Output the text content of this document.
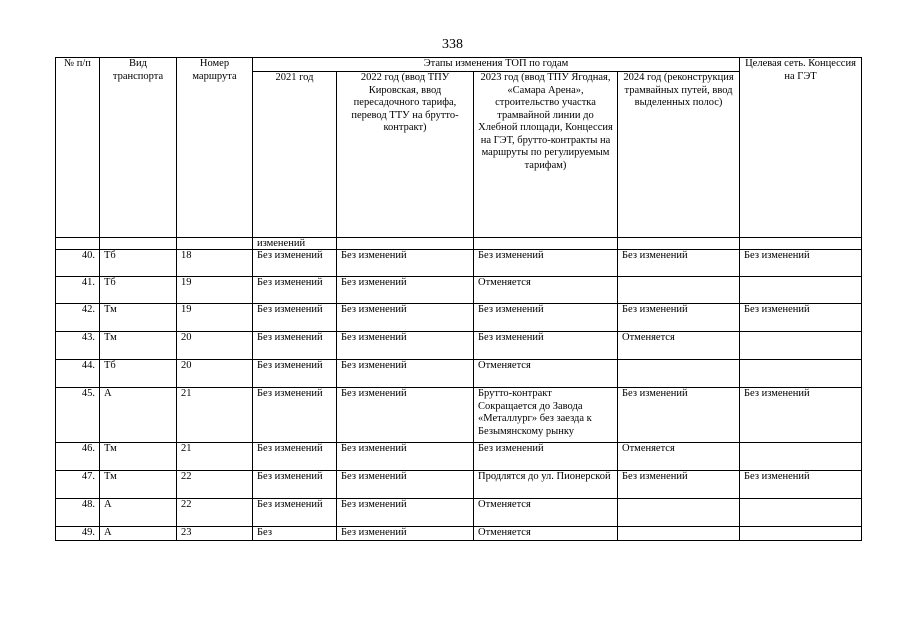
338
№ п/п	Вид транспорта	Номер маршрута	Этапы изменения ТОП по годам				Целевая сеть. Концессия на ГЭТ
			2021 год	2022 год (ввод ТПУ Кировская, ввод пересадочного тарифа, перевод ТТУ на брутто-контракт)	2023 год (ввод ТПУ Ягодная, «Самара Арена», строительство участка трамвайной линии до Хлебной площади, Концессия на ГЭТ, брутто-контракты на маршруты по регулируемым тарифам)	2024 год (реконструкция трамвайных путей, ввод выделенных полос)	
			изменений				
40.	Тб	18	Без изменений	Без изменений	Без изменений	Без изменений	Без изменений
41.	Тб	19	Без изменений	Без изменений	Отменяется		
42.	Тм	19	Без изменений	Без изменений	Без изменений	Без изменений	Без изменений
43.	Тм	20	Без изменений	Без изменений	Без изменений	Отменяется	
44.	Тб	20	Без изменений	Без изменений	Отменяется		
45.	А	21	Без изменений	Без изменений	Брутто-контракт Сокращается до Завода «Металлург» без заезда к Безымянскому рынку	Без изменений	Без изменений
46.	Тм	21	Без изменений	Без изменений	Без изменений	Отменяется	
47.	Тм	22	Без изменений	Без изменений	Продлятся до ул. Пионерской	Без изменений	Без изменений
48.	А	22	Без изменений	Без изменений	Отменяется		
49.	А	23	Без	Без изменений	Отменяется		
